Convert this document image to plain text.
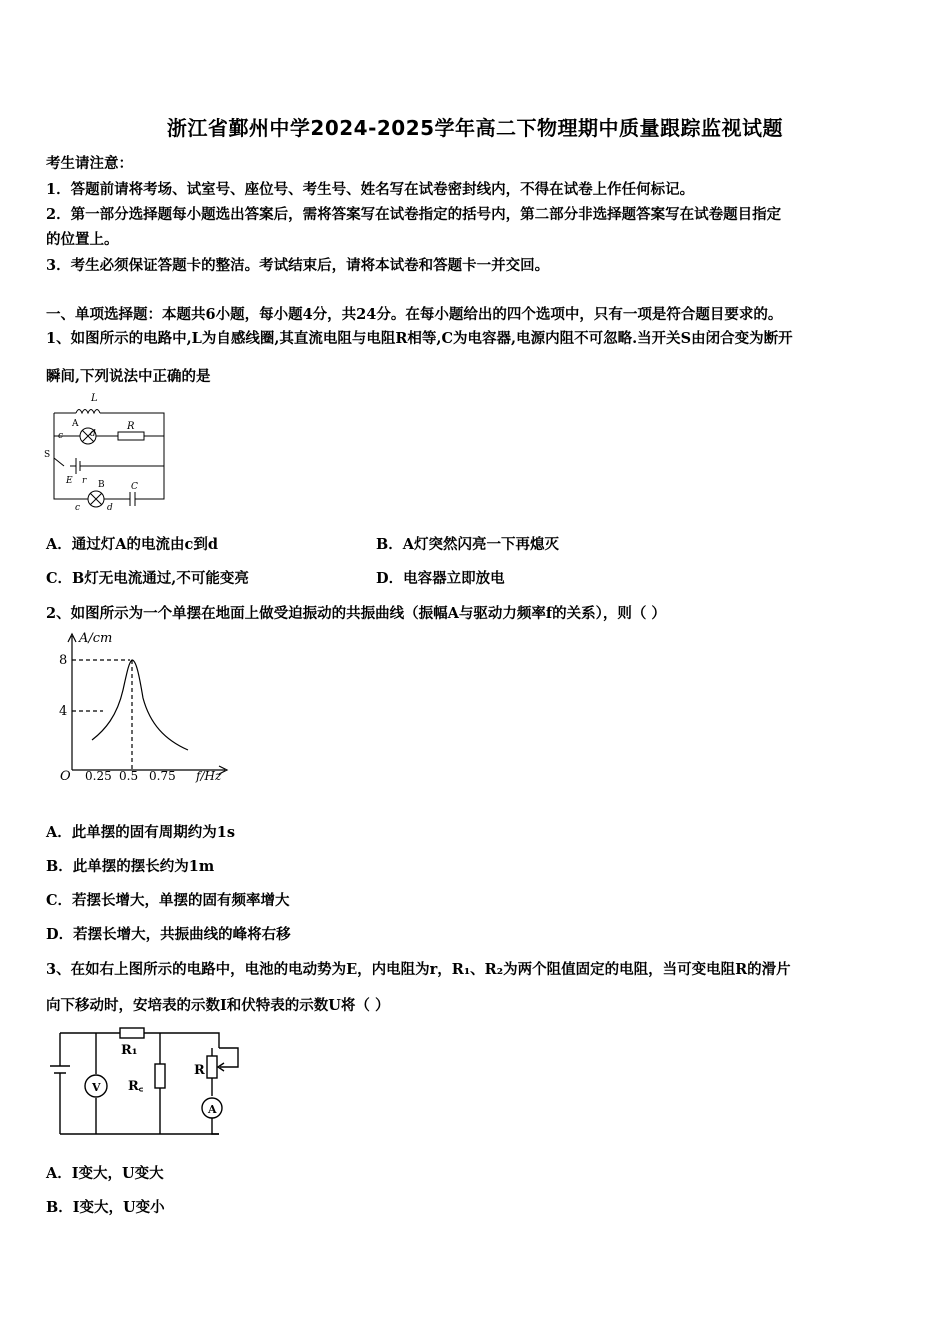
浙江省鄞州中学2024-2025学年高二下物理期中质量跟踪监视试题
考生请注意：
1．答题前请将考场、试室号、座位号、考生号、姓名写在试卷密封线内，不得在试卷上作任何标记。
2．第一部分选择题每小题选出答案后，需将答案写在试卷指定的括号内，第二部分非选择题答案写在试卷题目指定
的位置上。
3．考生必须保证答题卡的整洁。考试结束后，请将本试卷和答题卡一并交回。
一、单项选择题：本题共6小题，每小题4分，共24分。在每小题给出的四个选项中，只有一项是符合题目要求的。
1、如图所示的电路中,L为自感线圈,其直流电阻与电阻R相等,C为电容器,电源内阻不可忽略.当开关S由闭合变为断开
瞬间,下列说法中正确的是
L
A
c	d
R
S
E r B	C
c	d
A．通过灯A的电流由c到d	B．A灯突然闪亮一下再熄灭
C．B灯无电流通过,不可能变亮	D．电容器立即放电
2、如图所示为一个单摆在地面上做受迫振动的共振曲线（振幅A与驱动力频率f的关系），则（ ）
A/cm
8
4
O 0.25 0.5 0.75 f/Hz
A．此单摆的固有周期约为1s
B．此单摆的摆长约为1m
C．若摆长增大，单摆的固有频率增大
D．若摆长增大，共振曲线的峰将右移
3、在如右上图所示的电路中，电池的电动势为E，内电阻为r，R₁、R₂为两个阻值固定的电阻，当可变电阻R的滑片
向下移动时，安培表的示数I和伏特表的示数U将（ ）
R₁
V R꜀
R
A
A．I变大，U变大
B．I变大，U变小
